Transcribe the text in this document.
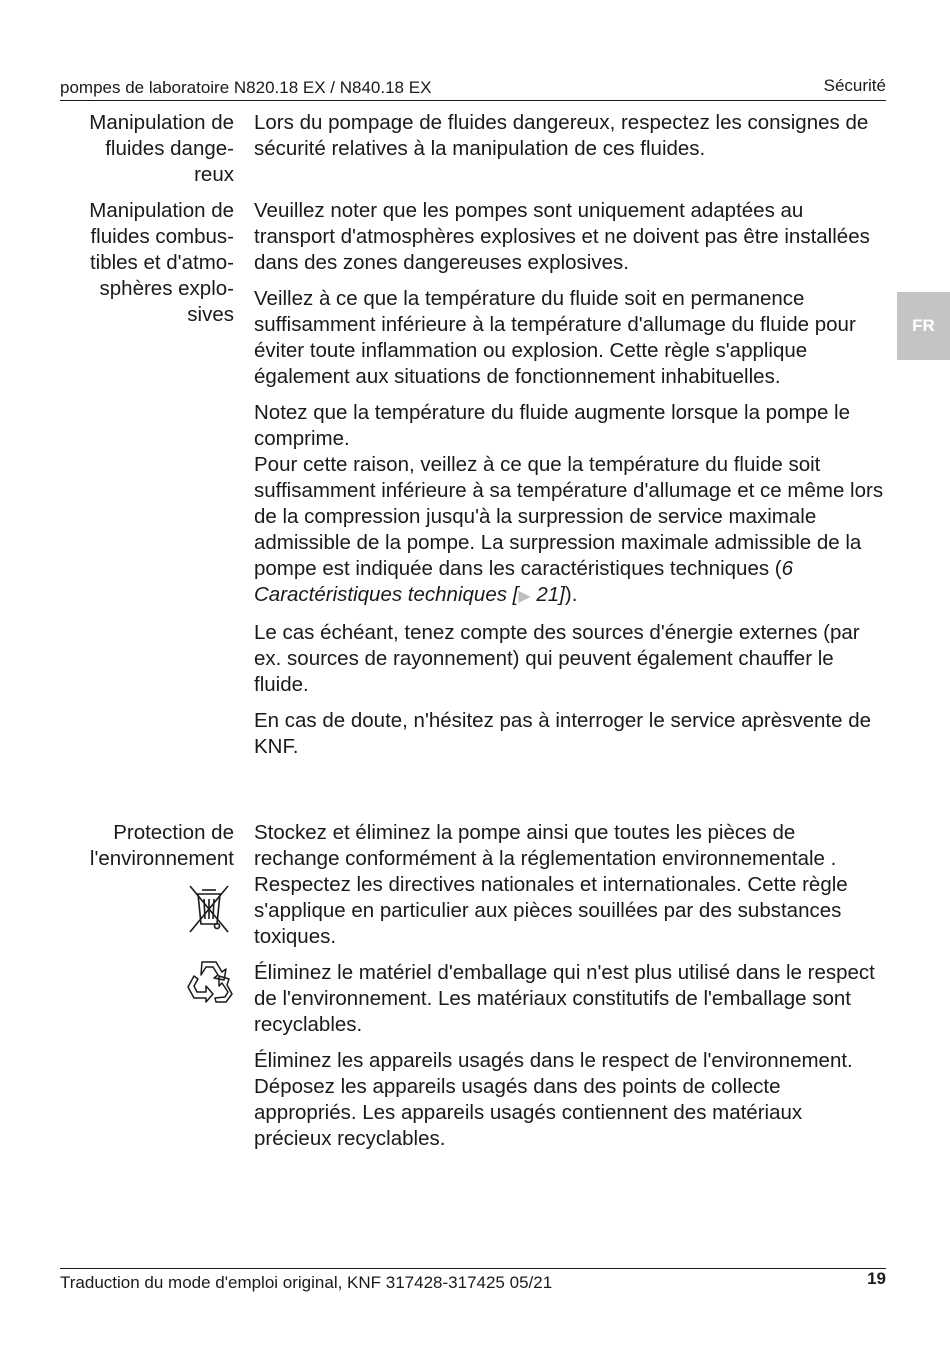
pompes de laboratoire N820.18 EX / N840.18 EX	Sécurité
FR
Manipulation de
fluides dange-
reux

Lors du pompage de fluides dangereux, respectez les consignes de sécurité relatives à la manipulation de ces fluides.

Manipulation de
fluides combus-
tibles et d'atmo-
sphères explo-
sives

Veuillez noter que les pompes sont uniquement adaptées au transport d'atmosphères explosives et ne doivent pas être installées dans des zones dangereuses explosives.

Veillez à ce que la température du fluide soit en permanence suffisamment inférieure à la température d'allumage du fluide pour éviter toute inflammation ou explosion. Cette règle s'applique également aux situations de fonctionnement inhabituelles.

Notez que la température du fluide augmente lorsque la pompe le comprime.

Pour cette raison, veillez à ce que la température du fluide soit suffisamment inférieure à sa température d'allumage et ce même lors de la compression jusqu'à la surpression de service maximale admissible de la pompe. La surpression maximale admissible de la pompe est indiquée dans les caractéristiques techniques (6 Caractéristiques techniques [▶ 21]).

Le cas échéant, tenez compte des sources d'énergie externes (par ex. sources de rayonnement) qui peuvent également chauffer le fluide.

En cas de doute, n'hésitez pas à interroger le service aprèsvente de KNF.

Protection de
l'environnement

Stockez et éliminez la pompe ainsi que toutes les pièces de rechange conformément à la réglementation environnementale . Respectez les directives nationales et internationales. Cette règle s'applique en particulier aux pièces souillées par des substances toxiques.

Éliminez le matériel d'emballage qui n'est plus utilisé dans le respect de l'environnement. Les matériaux constitutifs de l'emballage sont recyclables.

Éliminez les appareils usagés dans le respect de l'environnement. Déposez les appareils usagés dans des points de collecte appropriés. Les appareils usagés contiennent des matériaux précieux recyclables.

Traduction du mode d'emploi original, KNF 317428-317425 05/21	19
